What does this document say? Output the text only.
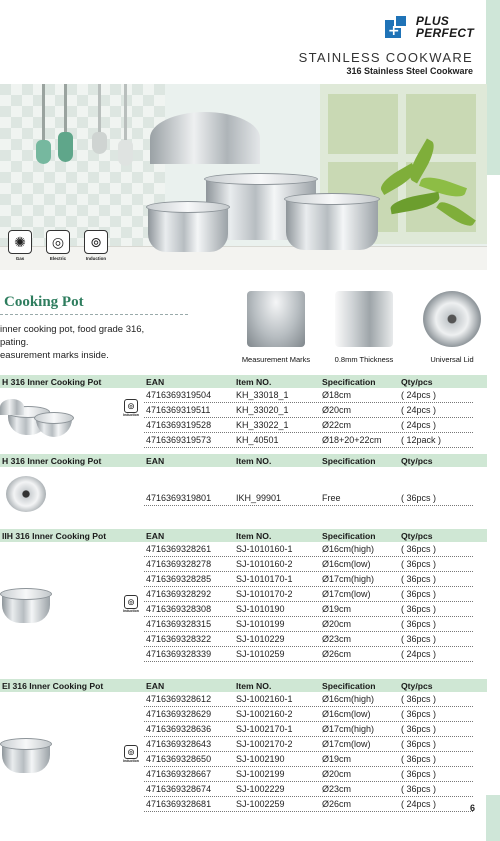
+
PLUS
PERFECT
STAINLESS COOKWARE
316 Stainless Steel Cookware
✺
Gas
◎
Electric
⊚
Induction
Cooking Pot
inner cooking pot, food grade 316,
pating.
easurement marks inside.	Measurement Marks	0.8mm Thickness	Universal Lid
H 316 Inner Cooking Pot	EAN	Item NO.	Specification	Qty/pcs
⊚
Induction
4716369319504	KH_33018_1	Ø18cm	( 24pcs )
4716369319511	KH_33020_1	Ø20cm	( 24pcs )
4716369319528	KH_33022_1	Ø22cm	( 24pcs )
4716369319573	KH_40501	Ø18+20+22cm ( 12pack )
H 316 Inner Cooking Pot	EAN	Item NO.	Specification	Qty/pcs
4716369319801	IKH_99901	Free	( 36pcs )
IIH 316 Inner Cooking Pot	EAN	Item NO.	Specification	Qty/pcs
⊚
Induction
4716369328261	SJ-1010160-1	Ø16cm(high)	( 36pcs )
4716369328278	SJ-1010160-2	Ø16cm(low)	( 36pcs )
4716369328285	SJ-1010170-1	Ø17cm(high)	( 36pcs )
4716369328292	SJ-1010170-2	Ø17cm(low)	( 36pcs )
4716369328308	SJ-1010190	Ø19cm	( 36pcs )
4716369328315	SJ-1010199	Ø20cm	( 36pcs )
4716369328322	SJ-1010229	Ø23cm	( 36pcs )
4716369328339	SJ-1010259	Ø26cm	( 24pcs )
EI 316 Inner Cooking Pot	EAN	Item NO.	Specification	Qty/pcs
⊚
Induction
4716369328612	SJ-1002160-1	Ø16cm(high)	( 36pcs )
4716369328629	SJ-1002160-2	Ø16cm(low)	( 36pcs )
4716369328636	SJ-1002170-1	Ø17cm(high)	( 36pcs )
4716369328643	SJ-1002170-2	Ø17cm(low)	( 36pcs )
4716369328650	SJ-1002190	Ø19cm	( 36pcs )
4716369328667	SJ-1002199	Ø20cm	( 36pcs )
4716369328674	SJ-1002229	Ø23cm	( 36pcs )
4716369328681	SJ-1002259	Ø26cm	( 24pcs )	6
